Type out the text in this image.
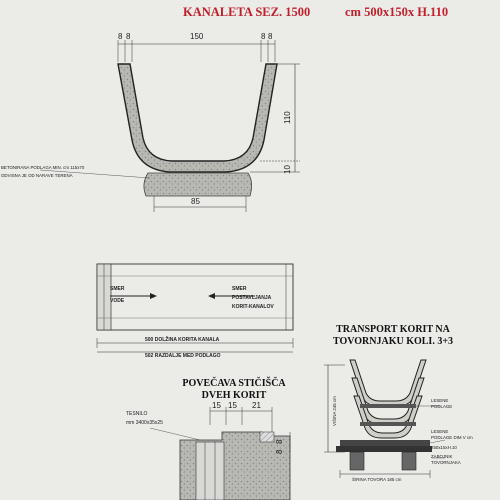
KANALETA SEZ. 1500	cm 500x150x H.110
8 8	150	8 8
110
10
85
BETONIRANA PODLAGA MIN. cm 115x70
ODVISNA JE OD NARAVE TERENA
SMER
VODE
SMER
POSTAVLJANJA
KORIT-KANALOV
500 DOLŽINA KORITA KANALA
502 RAZDALJE MED PODLAGO
POVEČAVA STIČIŠČA
DVEH KORIT
15 15 21
8
8
TESNILO
mm 3400x35x25
TRANSPORT KORIT NA
TOVORNJAKU KOLI. 3+3
VIŠINA 245 cm	LESENE
PODLAGE
LESENE
PODLAGE DIM V cm
250x15xH.10
ZABOJNIK
TOVORNJAKA
ŠIRINA TOVORA 185 cm
